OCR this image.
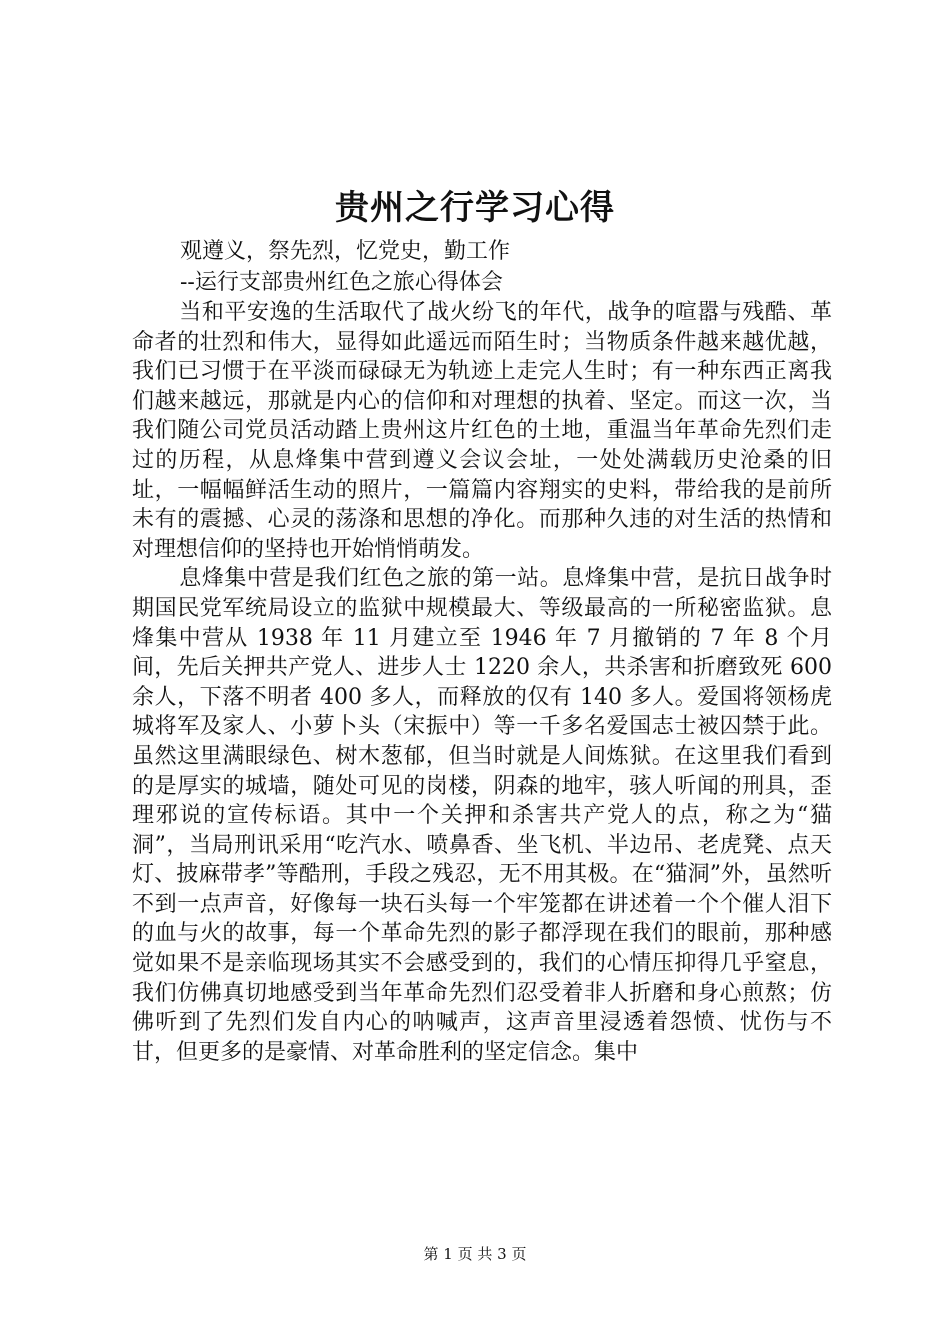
贵州之行学习心得
观遵义，祭先烈，忆党史，勤工作
--运行支部贵州红色之旅心得体会

当和平安逸的生活取代了战火纷飞的年代，战争的喧嚣与残酷、革命者的壮烈和伟大，显得如此遥远而陌生时；当物质条件越来越优越，我们已习惯于在平淡而碌碌无为轨迹上走完人生时；有一种东西正离我们越来越远，那就是内心的信仰和对理想的执着、坚定。而这一次，当我们随公司党员活动踏上贵州这片红色的土地，重温当年革命先烈们走过的历程，从息烽集中营到遵义会议会址，一处处满载历史沧桑的旧址，一幅幅鲜活生动的照片，一篇篇内容翔实的史料，带给我的是前所未有的震撼、心灵的荡涤和思想的净化。而那种久违的对生活的热情和对理想信仰的坚持也开始悄悄萌发。

息烽集中营是我们红色之旅的第一站。息烽集中营，是抗日战争时期国民党军统局设立的监狱中规模最大、等级最高的一所秘密监狱。息烽集中营从 1938 年 11 月建立至 1946 年 7 月撤销的 7 年 8 个月间，先后关押共产党人、进步人士 1220 余人，共杀害和折磨致死 600 余人，下落不明者 400 多人，而释放的仅有 140 多人。爱国将领杨虎城将军及家人、小萝卜头（宋振中）等一千多名爱国志士被囚禁于此。虽然这里满眼绿色、树木葱郁，但当时就是人间炼狱。在这里我们看到的是厚实的城墙，随处可见的岗楼，阴森的地牢，骇人听闻的刑具，歪理邪说的宣传标语。其中一个关押和杀害共产党人的点，称之为“猫洞”，当局刑讯采用“吃汽水、喷鼻香、坐飞机、半边吊、老虎凳、点天灯、披麻带孝”等酷刑，手段之残忍，无不用其极。在“猫洞”外，虽然听不到一点声音，好像每一块石头每一个牢笼都在讲述着一个个催人泪下的血与火的故事，每一个革命先烈的影子都浮现在我们的眼前，那种感觉如果不是亲临现场其实不会感受到的，我们的心情压抑得几乎窒息，我们仿佛真切地感受到当年革命先烈们忍受着非人折磨和身心煎熬；仿佛听到了先烈们发自内心的呐喊声，这声音里浸透着怨愤、忧伤与不甘，但更多的是豪情、对革命胜利的坚定信念。集中

第 1 页 共 3 页
